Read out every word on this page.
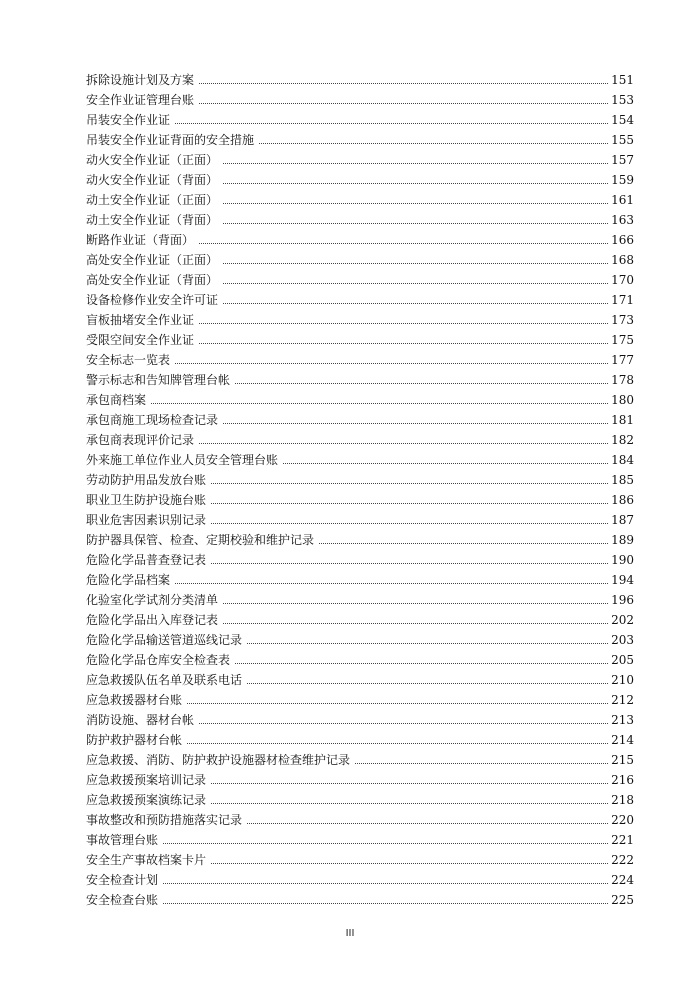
拆除设施计划及方案	151
安全作业证管理台账	153
吊装安全作业证	154
吊装安全作业证背面的安全措施	155
动火安全作业证（正面）	157
动火安全作业证（背面）	159
动土安全作业证（正面）	161
动土安全作业证（背面）	163
断路作业证（背面）	166
高处安全作业证（正面）	168
高处安全作业证（背面）	170
设备检修作业安全许可证	171
盲板抽堵安全作业证	173
受限空间安全作业证	175
安全标志一览表	177
警示标志和告知牌管理台帐	178
承包商档案	180
承包商施工现场检查记录	181
承包商表现评价记录	182
外来施工单位作业人员安全管理台账	184
劳动防护用品发放台账	185
职业卫生防护设施台账	186
职业危害因素识别记录	187
防护器具保管、检查、定期校验和维护记录	189
危险化学品普查登记表	190
危险化学品档案	194
化验室化学试剂分类清单	196
危险化学品出入库登记表	202
危险化学品输送管道巡线记录	203
危险化学品仓库安全检查表	205
应急救援队伍名单及联系电话	210
应急救援器材台账	212
消防设施、器材台帐	213
防护救护器材台帐	214
应急救援、消防、防护救护设施器材检查维护记录	215
应急救援预案培训记录	216
应急救援预案演练记录	218
事故整改和预防措施落实记录	220
事故管理台账	221
安全生产事故档案卡片	222
安全检查计划	224
安全检查台账	225
III
